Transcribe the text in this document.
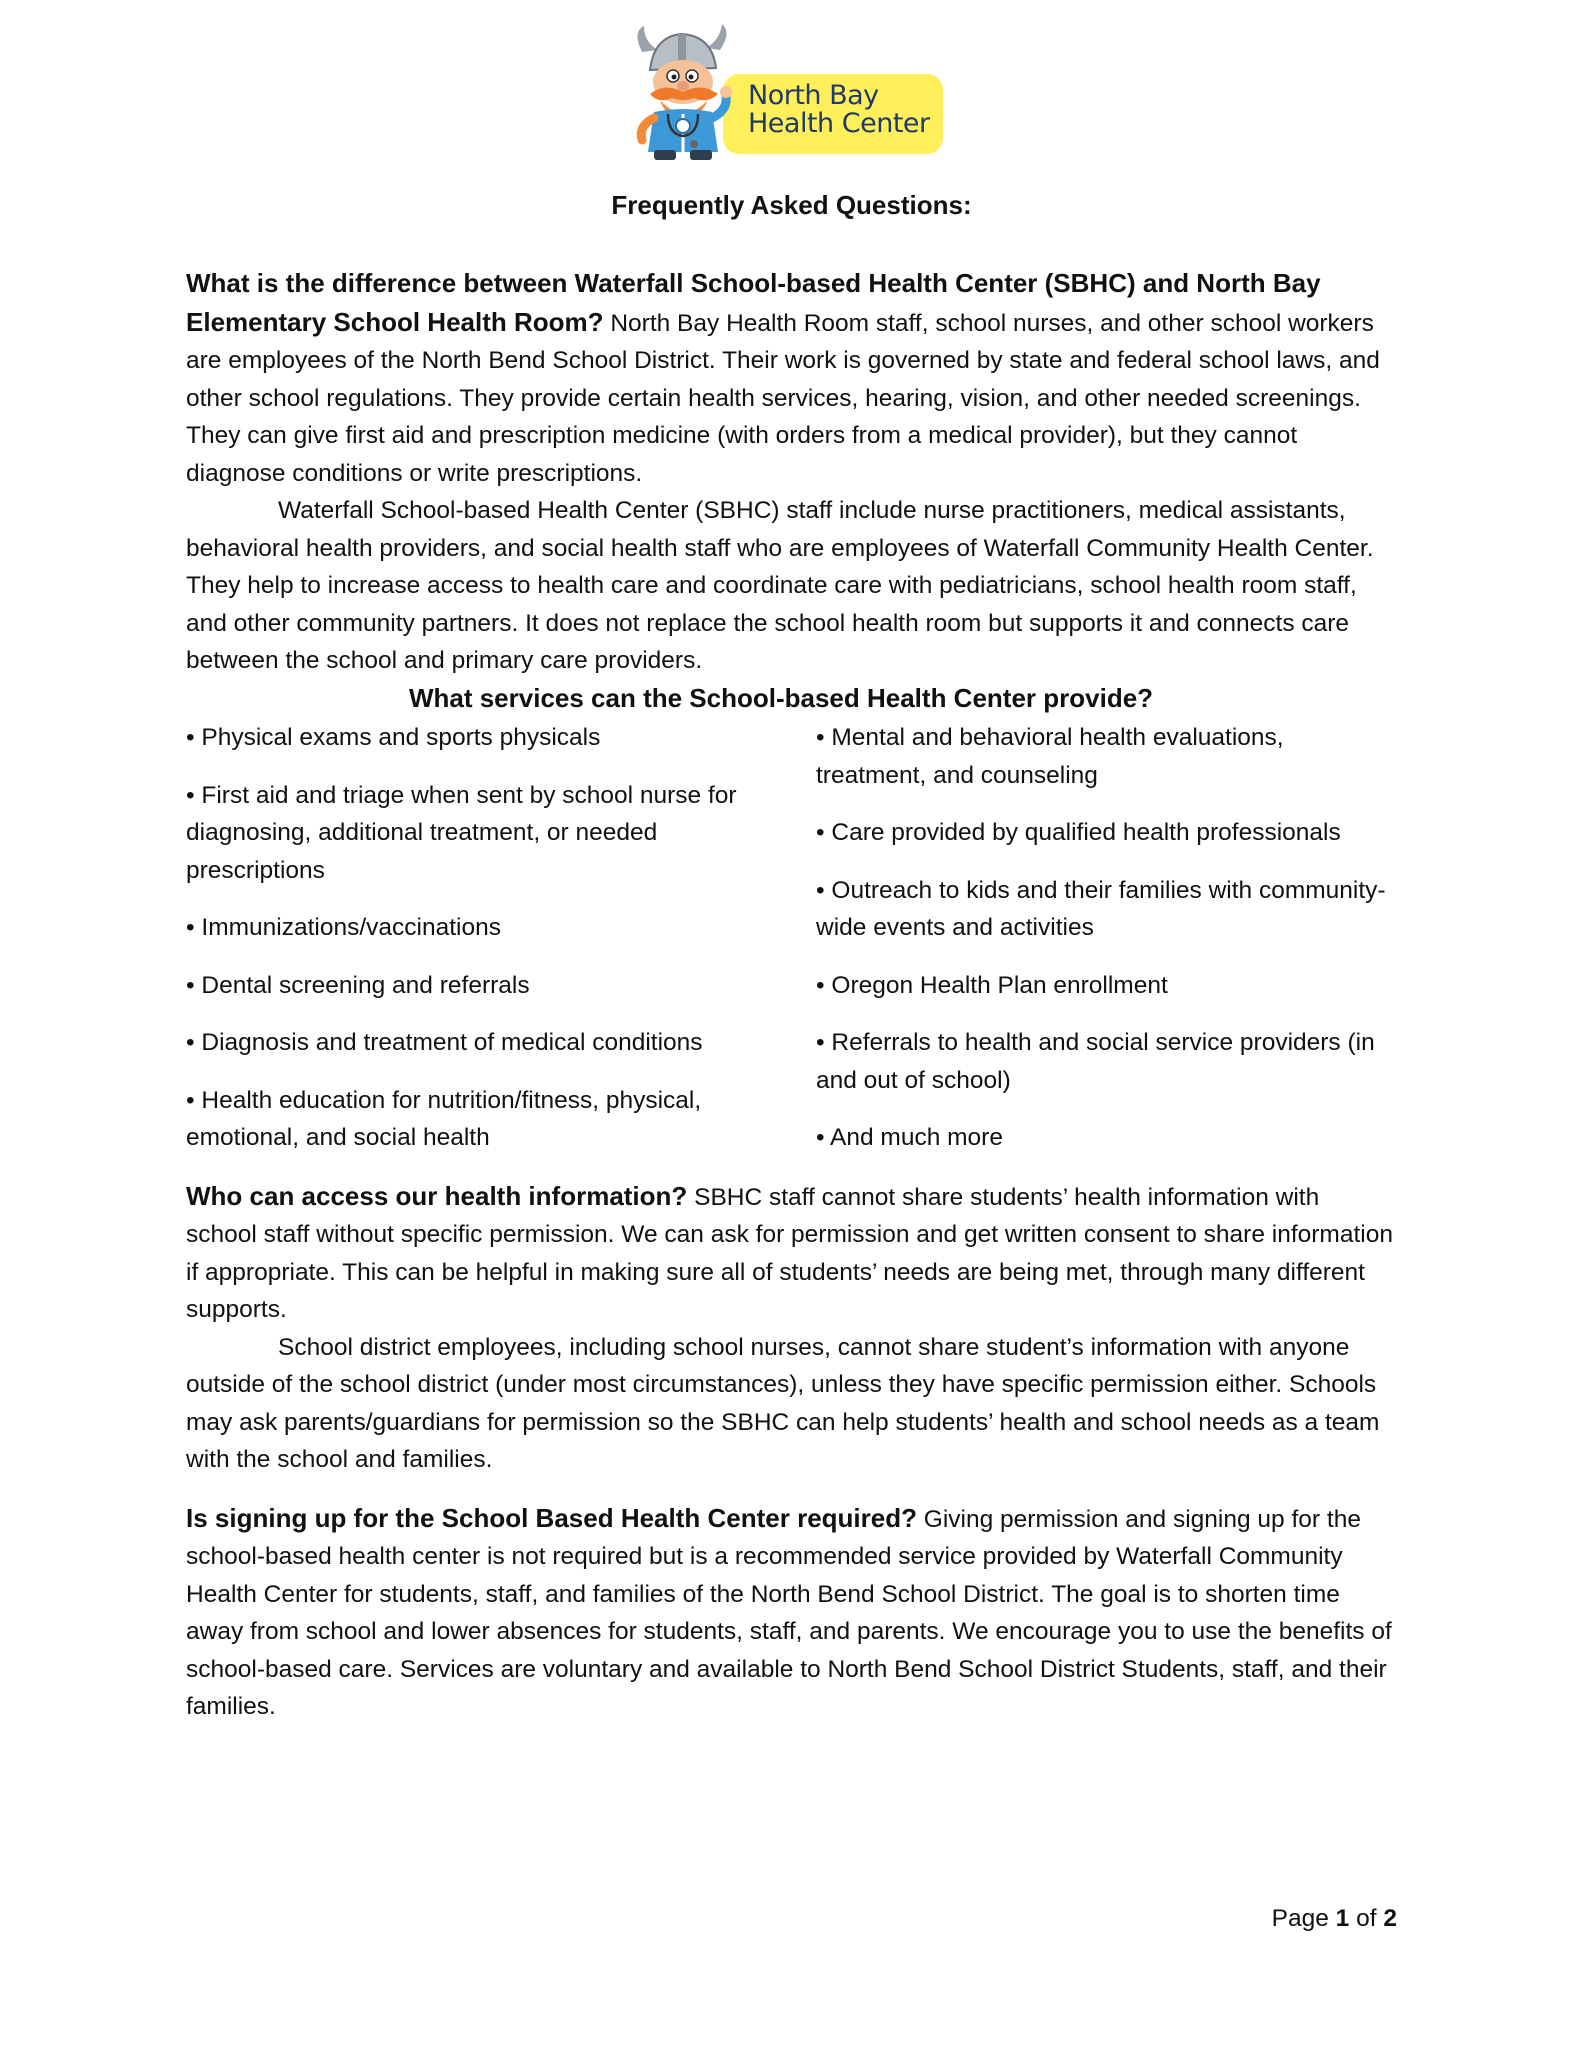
North Bay
Health Center
Frequently Asked Questions:

What is the difference between Waterfall School-based Health Center (SBHC) and North Bay Elementary School Health Room? North Bay Health Room staff, school nurses, and other school workers are employees of the North Bend School District. Their work is governed by state and federal school laws, and other school regulations. They provide certain health services, hearing, vision, and other needed screenings. They can give first aid and prescription medicine (with orders from a medical provider), but they cannot diagnose conditions or write prescriptions.

Waterfall School-based Health Center (SBHC) staff include nurse practitioners, medical assistants, behavioral health providers, and social health staff who are employees of Waterfall Community Health Center. They help to increase access to health care and coordinate care with pediatricians, school health room staff, and other community partners. It does not replace the school health room but supports it and connects care between the school and primary care providers.

What services can the School-based Health Center provide?

• Physical exams and sports physicals
• First aid and triage when sent by school nurse for diagnosing, additional treatment, or needed prescriptions
• Immunizations/vaccinations
• Dental screening and referrals
• Diagnosis and treatment of medical conditions
• Health education for nutrition/fitness, physical, emotional, and social health
• Mental and behavioral health evaluations, treatment, and counseling
• Care provided by qualified health professionals
• Outreach to kids and their families with community-wide events and activities
• Oregon Health Plan enrollment
• Referrals to health and social service providers (in and out of school)
• And much more

Who can access our health information? SBHC staff cannot share students’ health information with school staff without specific permission. We can ask for permission and get written consent to share information if appropriate. This can be helpful in making sure all of students’ needs are being met, through many different supports.

School district employees, including school nurses, cannot share student’s information with anyone outside of the school district (under most circumstances), unless they have specific permission either. Schools may ask parents/guardians for permission so the SBHC can help students’ health and school needs as a team with the school and families.

Is signing up for the School Based Health Center required? Giving permission and signing up for the school-based health center is not required but is a recommended service provided by Waterfall Community Health Center for students, staff, and families of the North Bend School District. The goal is to shorten time away from school and lower absences for students, staff, and parents. We encourage you to use the benefits of school-based care. Services are voluntary and available to North Bend School District Students, staff, and their families.

Page 1 of 2
